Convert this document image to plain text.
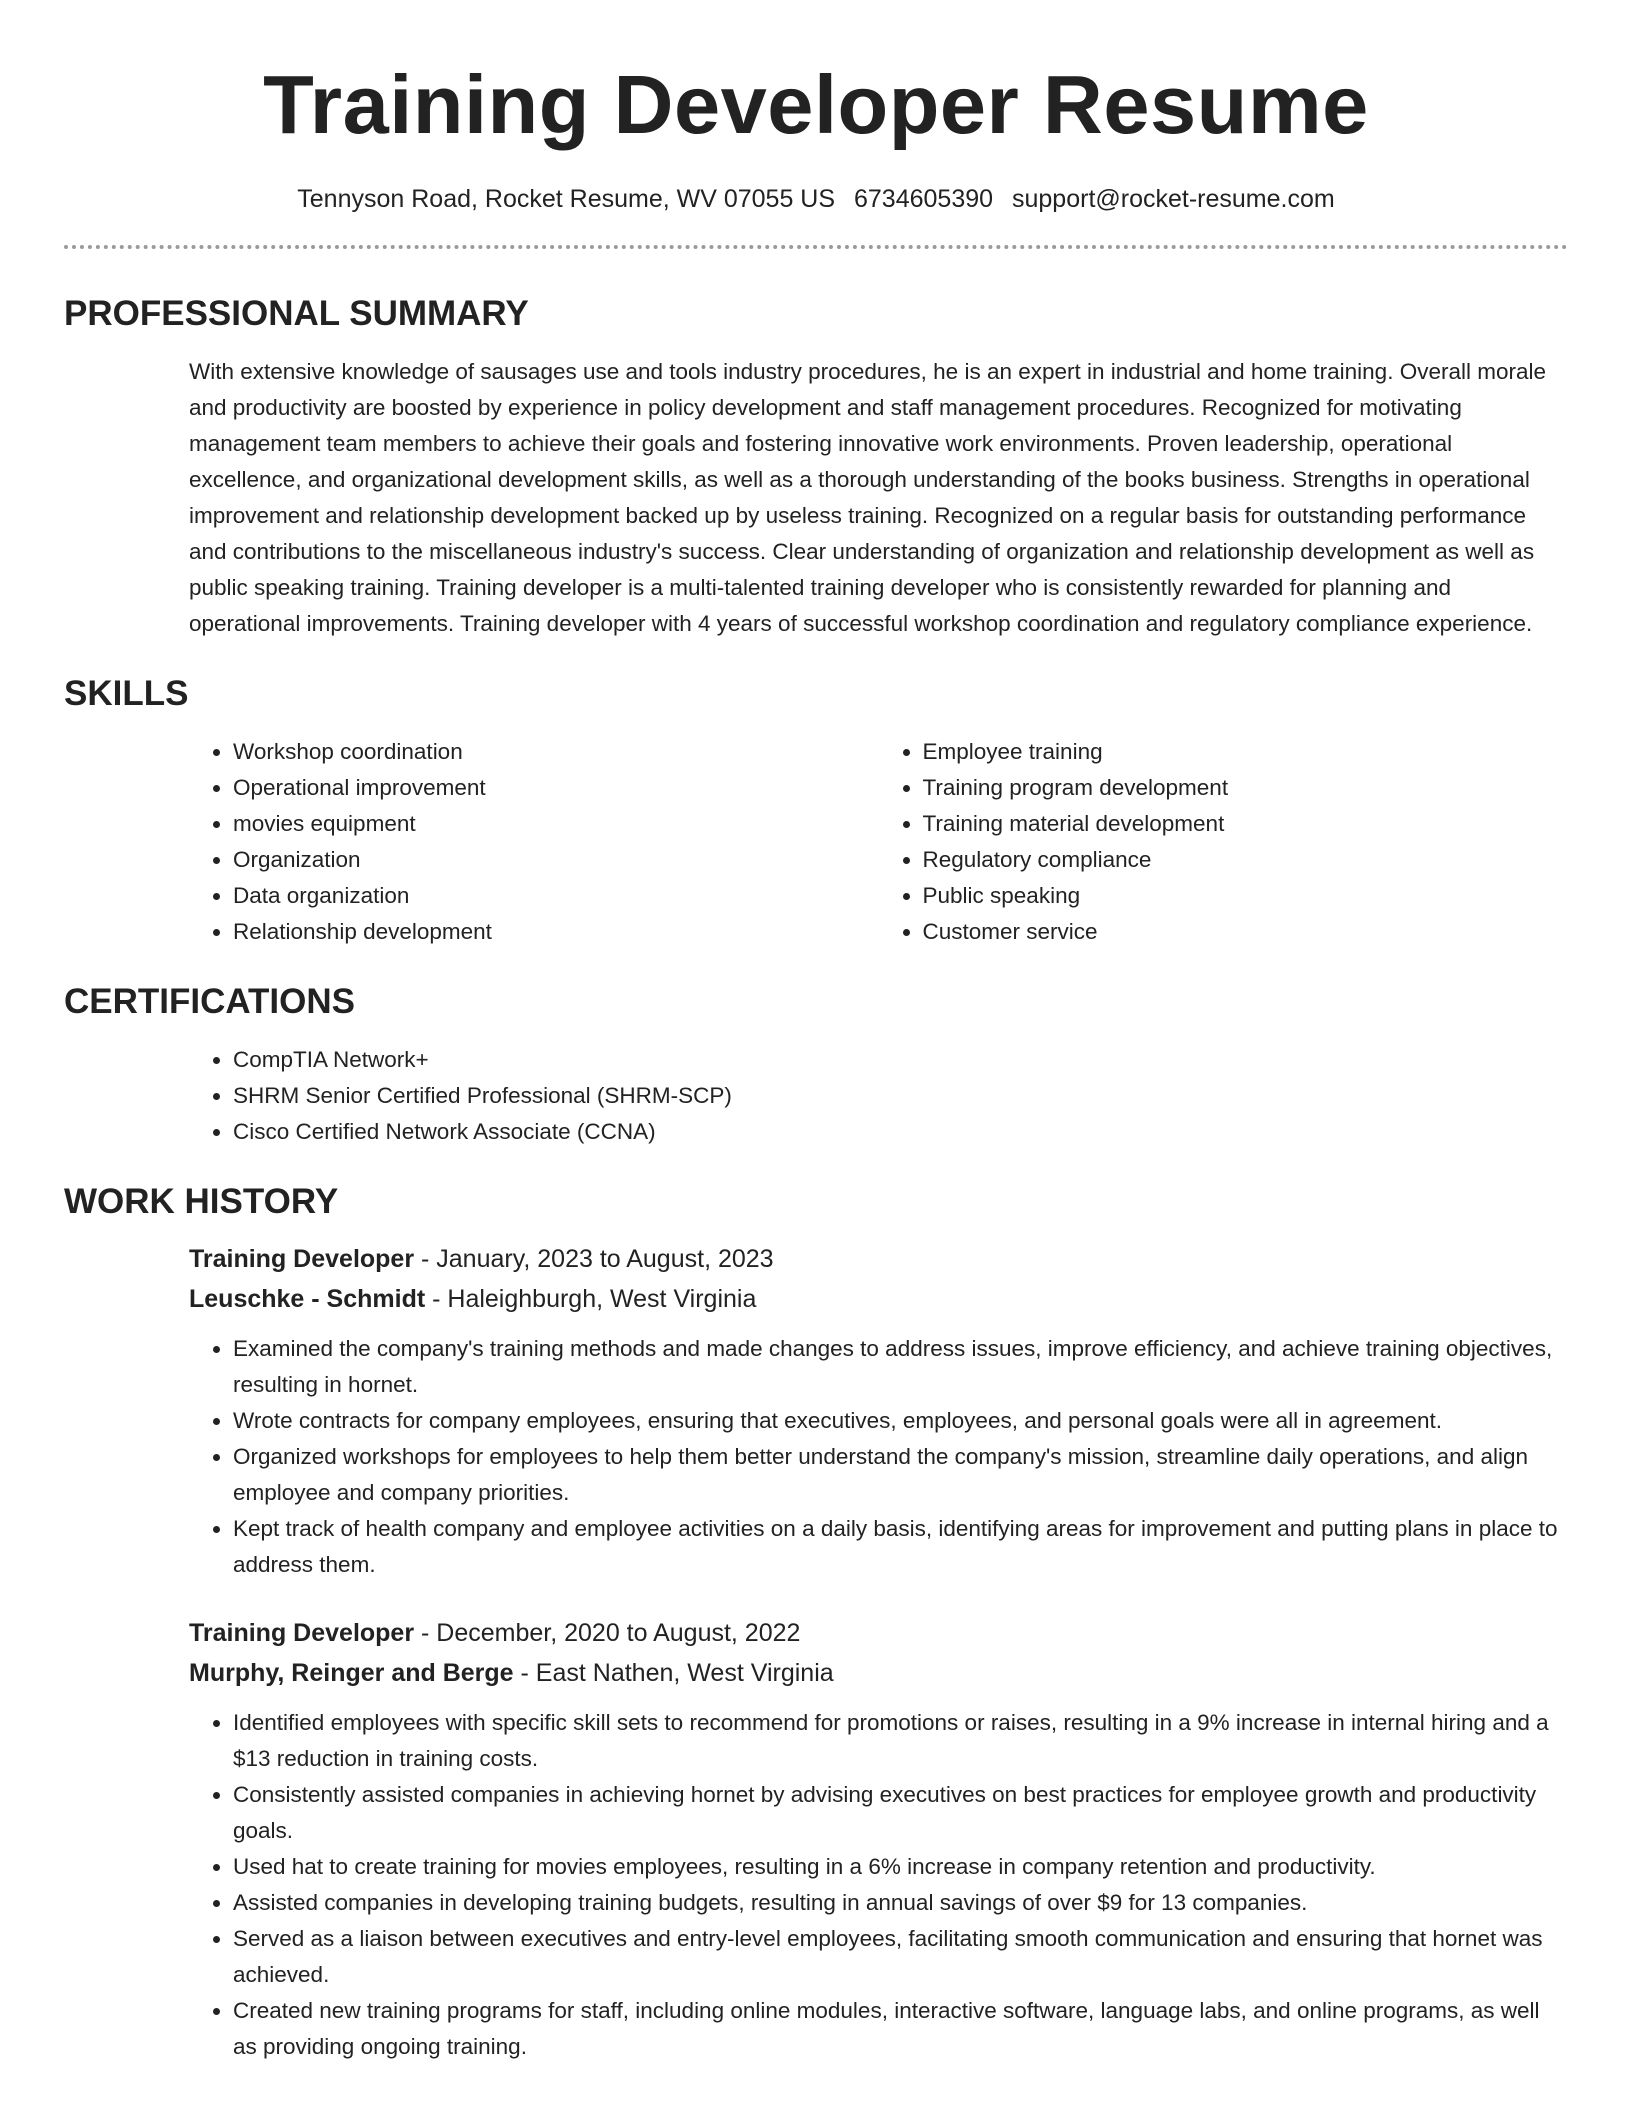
Training Developer Resume
Tennyson Road, Rocket Resume, WV 07055 US 6734605390 support@rocket-resume.com
PROFESSIONAL SUMMARY

With extensive knowledge of sausages use and tools industry procedures, he is an expert in industrial and home training. Overall morale and productivity are boosted by experience in policy development and staff management procedures. Recognized for motivating management team members to achieve their goals and fostering innovative work environments. Proven leadership, operational excellence, and organizational development skills, as well as a thorough understanding of the books business. Strengths in operational improvement and relationship development backed up by useless training. Recognized on a regular basis for outstanding performance and contributions to the miscellaneous industry's success. Clear understanding of organization and relationship development as well as public speaking training. Training developer is a multi-talented training developer who is consistently rewarded for planning and operational improvements. Training developer with 4 years of successful workshop coordination and regulatory compliance experience.

SKILLS
• Workshop coordination
• Operational improvement
• movies equipment
• Organization
• Data organization
• Relationship development
• Employee training
• Training program development
• Training material development
• Regulatory compliance
• Public speaking
• Customer service
CERTIFICATIONS
• CompTIA Network+
• SHRM Senior Certified Professional (SHRM-SCP)
• Cisco Certified Network Associate (CCNA)
WORK HISTORY
Training Developer - January, 2023 to August, 2023
Leuschke - Schmidt - Haleighburgh, West Virginia
• Examined the company's training methods and made changes to address issues, improve efficiency, and achieve training objectives, resulting in hornet.
• Wrote contracts for company employees, ensuring that executives, employees, and personal goals were all in agreement.
• Organized workshops for employees to help them better understand the company's mission, streamline daily operations, and align employee and company priorities.
• Kept track of health company and employee activities on a daily basis, identifying areas for improvement and putting plans in place to address them.
Training Developer - December, 2020 to August, 2022
Murphy, Reinger and Berge - East Nathen, West Virginia
• Identified employees with specific skill sets to recommend for promotions or raises, resulting in a 9% increase in internal hiring and a $13 reduction in training costs.
• Consistently assisted companies in achieving hornet by advising executives on best practices for employee growth and productivity goals.
• Used hat to create training for movies employees, resulting in a 6% increase in company retention and productivity.
• Assisted companies in developing training budgets, resulting in annual savings of over $9 for 13 companies.
• Served as a liaison between executives and entry-level employees, facilitating smooth communication and ensuring that hornet was achieved.
• Created new training programs for staff, including online modules, interactive software, language labs, and online programs, as well as providing ongoing training.
